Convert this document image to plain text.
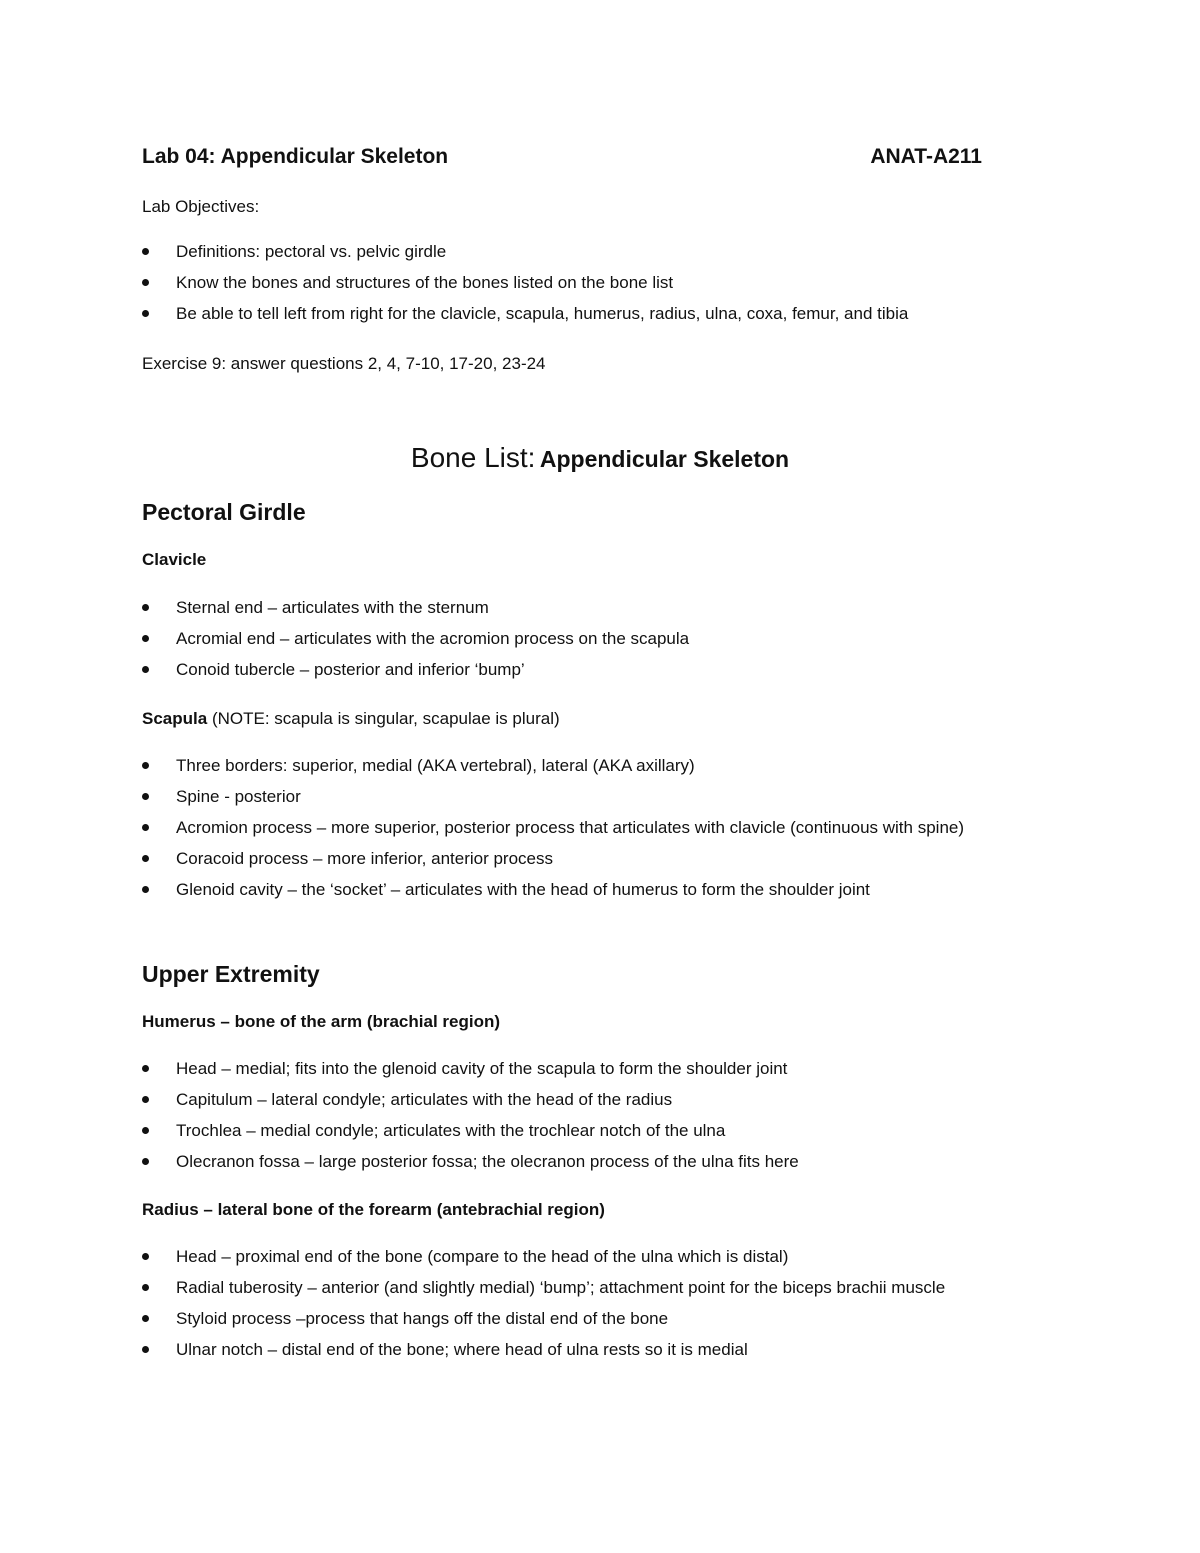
Lab 04: Appendicular Skeleton	ANAT-A211
Lab Objectives:
Definitions: pectoral vs. pelvic girdle
Know the bones and structures of the bones listed on the bone list
Be able to tell left from right for the clavicle, scapula, humerus, radius, ulna, coxa, femur, and tibia
Exercise 9: answer questions 2, 4, 7-10, 17-20, 23-24
Bone List: Appendicular Skeleton
Pectoral Girdle
Clavicle
Sternal end – articulates with the sternum
Acromial end – articulates with the acromion process on the scapula
Conoid tubercle – posterior and inferior ‘bump’
Scapula (NOTE: scapula is singular, scapulae is plural)
Three borders: superior, medial (AKA vertebral), lateral (AKA axillary)
Spine - posterior
Acromion process – more superior, posterior process that articulates with clavicle (continuous with spine)
Coracoid process – more inferior, anterior process
Glenoid cavity – the ‘socket’ – articulates with the head of humerus to form the shoulder joint
Upper Extremity
Humerus – bone of the arm (brachial region)
Head – medial; fits into the glenoid cavity of the scapula to form the shoulder joint
Capitulum – lateral condyle; articulates with the head of the radius
Trochlea – medial condyle; articulates with the trochlear notch of the ulna
Olecranon fossa – large posterior fossa; the olecranon process of the ulna fits here
Radius – lateral bone of the forearm (antebrachial region)
Head – proximal end of the bone (compare to the head of the ulna which is distal)
Radial tuberosity – anterior (and slightly medial) ‘bump’; attachment point for the biceps brachii muscle
Styloid process –process that hangs off the distal end of the bone
Ulnar notch – distal end of the bone; where head of ulna rests so it is medial
